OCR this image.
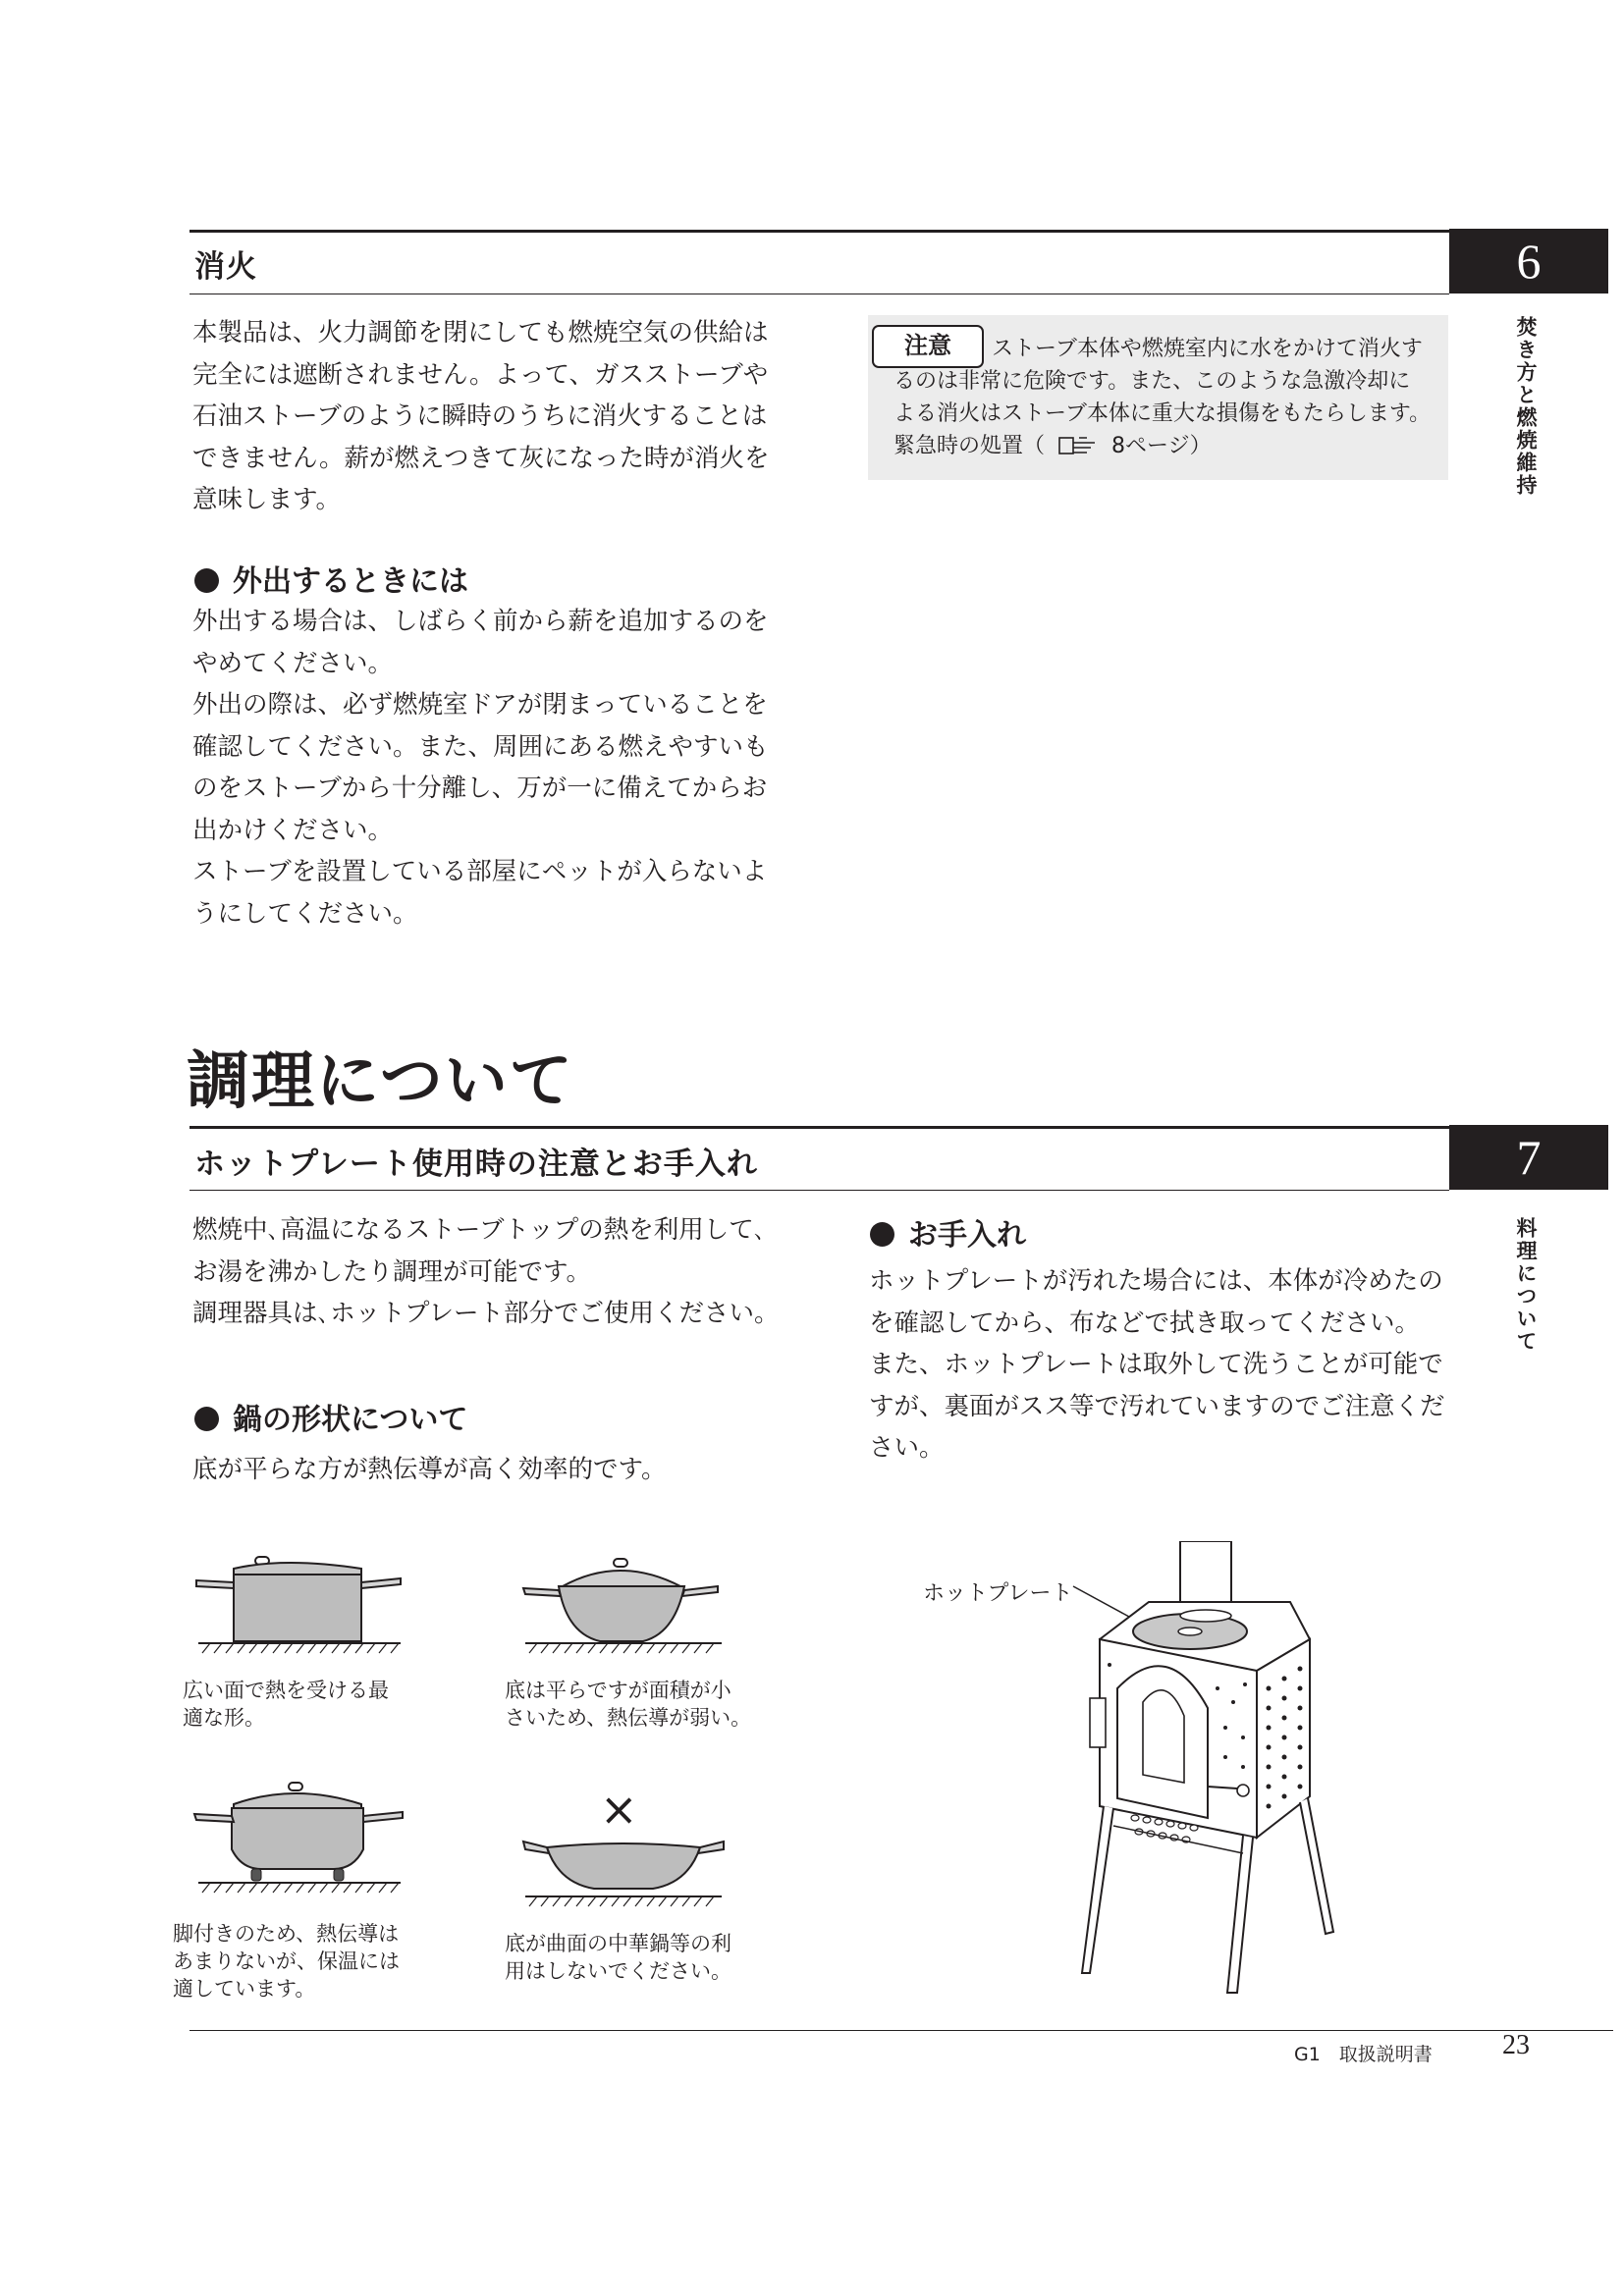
消火	6
焚き方と燃焼維持

本製品は、火力調節を閉にしても燃焼空気の供給は

完全には遮断されません。よって、ガスストーブや

石油ストーブのように瞬時のうちに消火することは

できません。薪が燃えつきて灰になった時が消火を

意味します。

注意	ストーブ本体や燃焼室内に水をかけて消火す
るのは非常に危険です。また、このような急激冷却に
よる消火はストーブ本体に重大な損傷をもたらします。
緊急時の処置（	8ページ）
外出するときには

外出する場合は、しばらく前から薪を追加するのを

やめてください。

外出の際は、必ず燃焼室ドアが閉まっていることを

確認してください。また、周囲にある燃えやすいも

のをストーブから十分離し、万が一に備えてからお

出かけください。

ストーブを設置している部屋にペットが入らないよ

うにしてください。

調理について
ホットプレート使用時の注意とお手入れ	7
料理について

燃焼中､高温になるストーブトップの熱を利用して､

お湯を沸かしたり調理が可能です。

調理器具は､ホットプレート部分でご使用ください。

鍋の形状について
底が平らな方が熱伝導が高く効率的です。
お手入れ

ホットプレートが汚れた場合には、本体が冷めたの

を確認してから、布などで拭き取ってください。

また、ホットプレートは取外して洗うことが可能で

すが、裏面がスス等で汚れていますのでご注意くだ

さい。

広い面で熱を受ける最
適な形。
底は平らですが面積が小
さいため、熱伝導が弱い。
脚付きのため、熱伝導は
あまりないが、保温には
適しています。
×
底が曲面の中華鍋等の利
用はしないでください。
ホットプレート
G1　取扱説明書	23
